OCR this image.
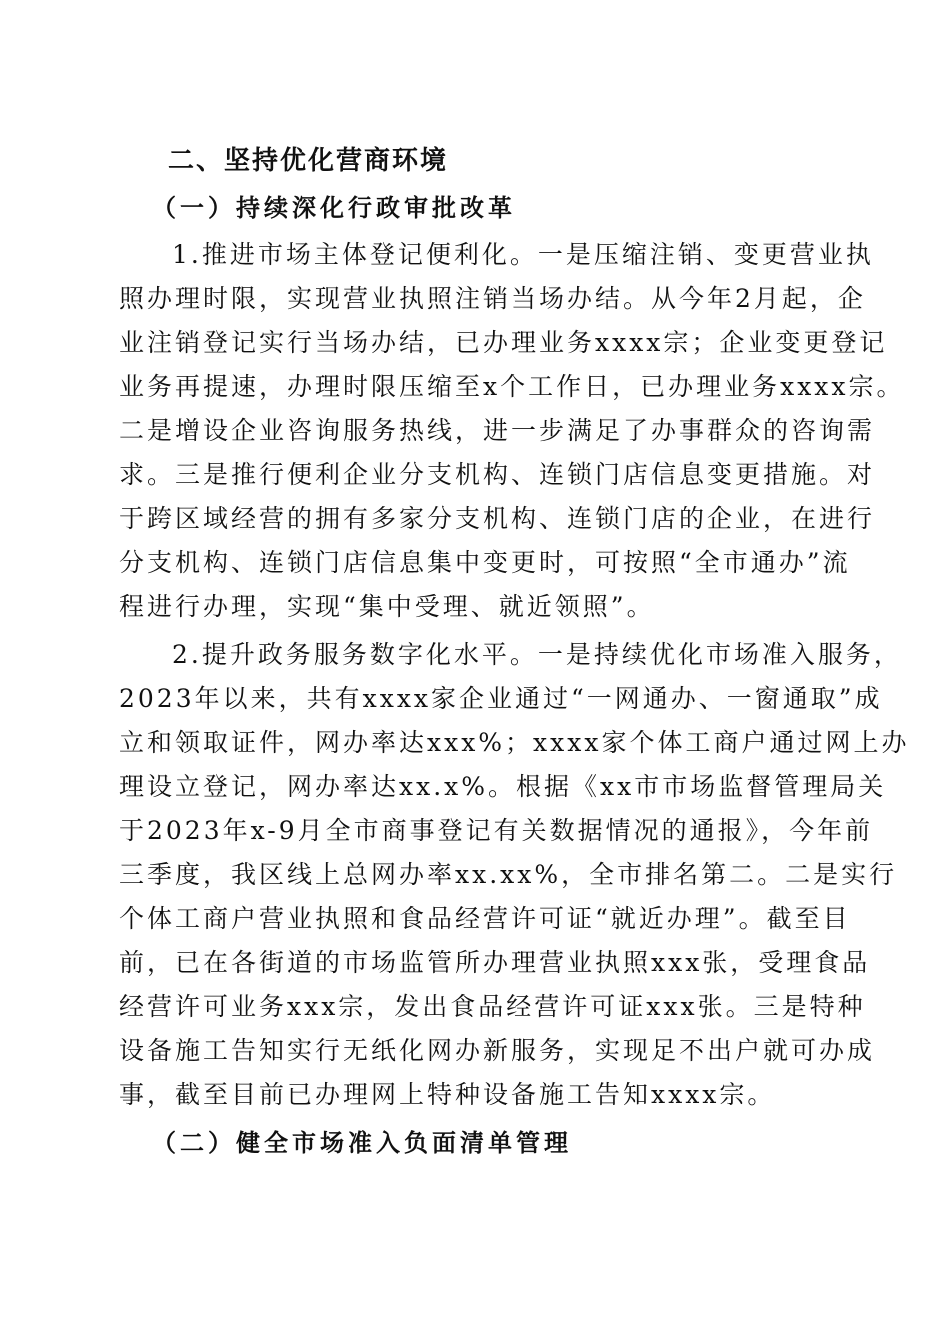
二、坚持优化营商环境
（一）持续深化行政审批改革
1.推进市场主体登记便利化。一是压缩注销、变更营业执
照办理时限，实现营业执照注销当场办结。从今年2月起，企
业注销登记实行当场办结，已办理业务xxxx宗；企业变更登记
业务再提速，办理时限压缩至x个工作日，已办理业务xxxx宗。
二是增设企业咨询服务热线，进一步满足了办事群众的咨询需
求。三是推行便利企业分支机构、连锁门店信息变更措施。对
于跨区域经营的拥有多家分支机构、连锁门店的企业，在进行
分支机构、连锁门店信息集中变更时，可按照“全市通办”流
程进行办理，实现“集中受理、就近领照”。
2.提升政务服务数字化水平。一是持续优化市场准入服务，
2023年以来，共有xxxx家企业通过“一网通办、一窗通取”成
立和领取证件，网办率达xxx%；xxxx家个体工商户通过网上办
理设立登记，网办率达xx.x%。根据《xx市市场监督管理局关
于2023年x-9月全市商事登记有关数据情况的通报》，今年前
三季度，我区线上总网办率xx.xx%，全市排名第二。二是实行
个体工商户营业执照和食品经营许可证“就近办理”。截至目
前，已在各街道的市场监管所办理营业执照xxx张，受理食品
经营许可业务xxx宗，发出食品经营许可证xxx张。三是特种
设备施工告知实行无纸化网办新服务，实现足不出户就可办成
事，截至目前已办理网上特种设备施工告知xxxx宗。
（二）健全市场准入负面清单管理
